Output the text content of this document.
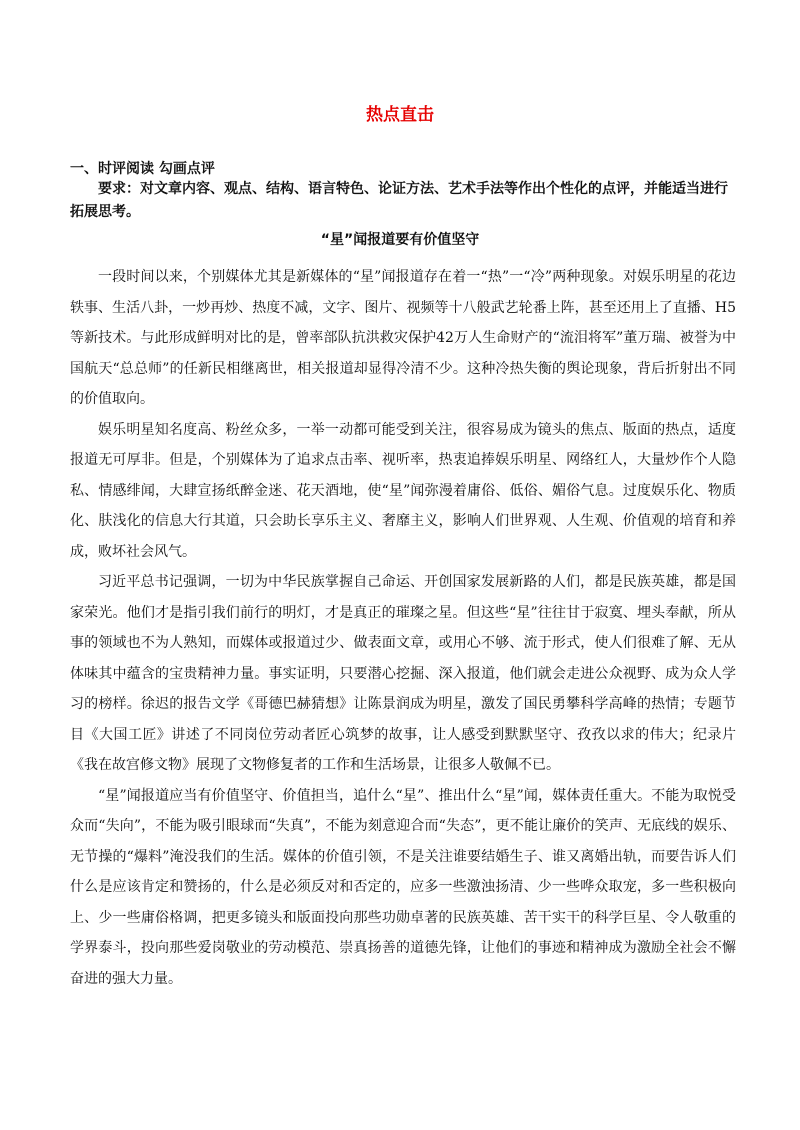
热点直击
一、时评阅读 勾画点评
要求：对文章内容、观点、结构、语言特色、论证方法、艺术手法等作出个性化的点评，并能适当进行拓展思考。
“星”闻报道要有价值坚守

一段时间以来，个别媒体尤其是新媒体的“星”闻报道存在着一“热”一“冷”两种现象。对娱乐明星的花边轶事、生活八卦，一炒再炒、热度不减，文字、图片、视频等十八般武艺轮番上阵，甚至还用上了直播、H5等新技术。与此形成鲜明对比的是，曾率部队抗洪救灾保护42万人生命财产的“流泪将军”董万瑞、被誉为中国航天“总总师”的任新民相继离世，相关报道却显得冷清不少。这种冷热失衡的舆论现象，背后折射出不同的价值取向。

娱乐明星知名度高、粉丝众多，一举一动都可能受到关注，很容易成为镜头的焦点、版面的热点，适度报道无可厚非。但是，个别媒体为了追求点击率、视听率，热衷追捧娱乐明星、网络红人，大量炒作个人隐私、情感绯闻，大肆宣扬纸醉金迷、花天酒地，使“星”闻弥漫着庸俗、低俗、媚俗气息。过度娱乐化、物质化、肤浅化的信息大行其道，只会助长享乐主义、奢靡主义，影响人们世界观、人生观、价值观的培育和养成，败坏社会风气。

习近平总书记强调，一切为中华民族掌握自己命运、开创国家发展新路的人们，都是民族英雄，都是国家荣光。他们才是指引我们前行的明灯，才是真正的璀璨之星。但这些“星”往往甘于寂寞、埋头奉献，所从事的领域也不为人熟知，而媒体或报道过少、做表面文章，或用心不够、流于形式，使人们很难了解、无从体味其中蕴含的宝贵精神力量。事实证明，只要潜心挖掘、深入报道，他们就会走进公众视野、成为众人学习的榜样。徐迟的报告文学《哥德巴赫猜想》让陈景润成为明星，激发了国民勇攀科学高峰的热情；专题节目《大国工匠》讲述了不同岗位劳动者匠心筑梦的故事，让人感受到默默坚守、孜孜以求的伟大；纪录片《我在故宫修文物》展现了文物修复者的工作和生活场景，让很多人敬佩不已。

“星”闻报道应当有价值坚守、价值担当，追什么“星”、推出什么“星”闻，媒体责任重大。不能为取悦受众而“失向”，不能为吸引眼球而“失真”，不能为刻意迎合而“失态”，更不能让廉价的笑声、无底线的娱乐、无节操的“爆料”淹没我们的生活。媒体的价值引领，不是关注谁要结婚生子、谁又离婚出轨，而要告诉人们什么是应该肯定和赞扬的，什么是必须反对和否定的，应多一些激浊扬清、少一些哗众取宠，多一些积极向上、少一些庸俗格调，把更多镜头和版面投向那些功勋卓著的民族英雄、苦干实干的科学巨星、令人敬重的学界泰斗，投向那些爱岗敬业的劳动模范、崇真扬善的道德先锋，让他们的事迹和精神成为激励全社会不懈奋进的强大力量。
